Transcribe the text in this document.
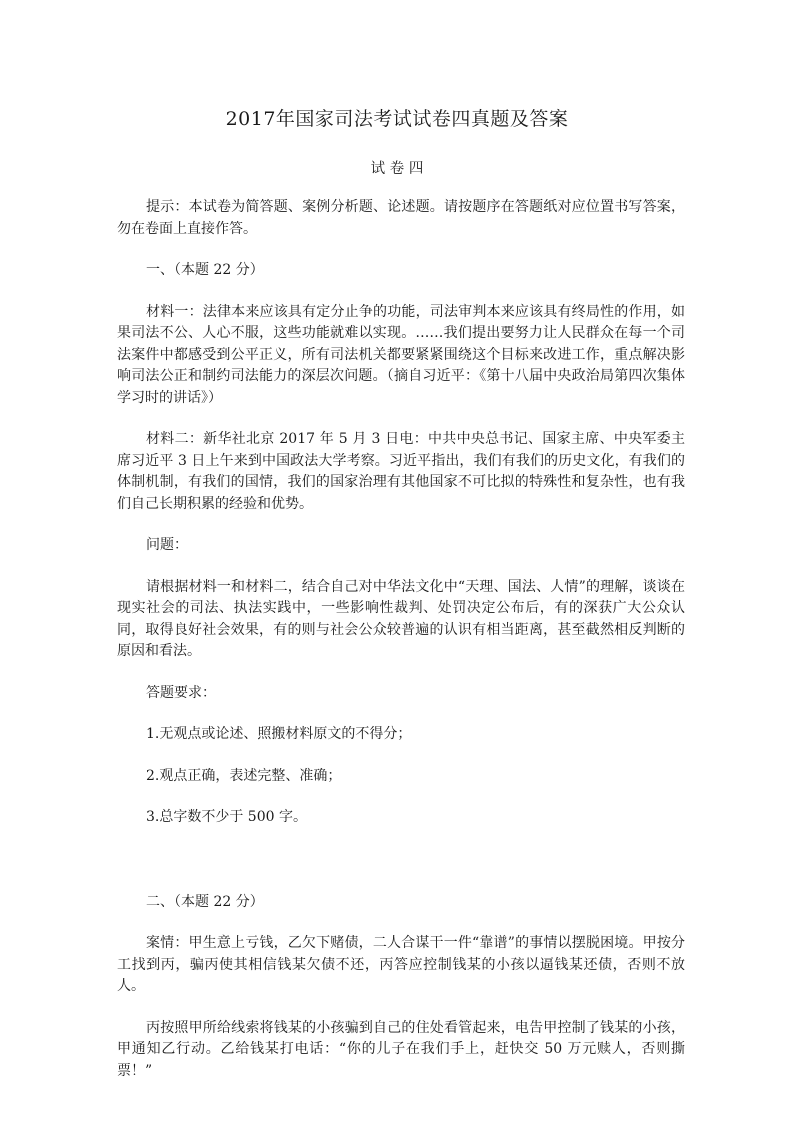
2017年国家司法考试试卷四真题及答案
试 卷 四

提示：本试卷为简答题、案例分析题、论述题。请按题序在答题纸对应位置书写答案，勿在卷面上直接作答。

一、（本题 22 分）

材料一：法律本来应该具有定分止争的功能，司法审判本来应该具有终局性的作用，如果司法不公、人心不服，这些功能就难以实现。……我们提出要努力让人民群众在每一个司法案件中都感受到公平正义，所有司法机关都要紧紧围绕这个目标来改进工作，重点解决影响司法公正和制约司法能力的深层次问题。（摘自习近平：《第十八届中央政治局第四次集体学习时的讲话》）

材料二：新华社北京 2017 年 5 月 3 日电：中共中央总书记、国家主席、中央军委主席习近平 3 日上午来到中国政法大学考察。习近平指出，我们有我们的历史文化，有我们的体制机制，有我们的国情，我们的国家治理有其他国家不可比拟的特殊性和复杂性，也有我们自己长期积累的经验和优势。

问题：

请根据材料一和材料二，结合自己对中华法文化中“天理、国法、人情”的理解，谈谈在现实社会的司法、执法实践中，一些影响性裁判、处罚决定公布后，有的深获广大公众认同，取得良好社会效果，有的则与社会公众较普遍的认识有相当距离，甚至截然相反判断的原因和看法。

答题要求：

1.无观点或论述、照搬材料原文的不得分；

2.观点正确，表述完整、准确；

3.总字数不少于 500 字。

二、（本题 22 分）

案情：甲生意上亏钱，乙欠下赌债，二人合谋干一件“靠谱”的事情以摆脱困境。甲按分工找到丙，骗丙使其相信钱某欠债不还，丙答应控制钱某的小孩以逼钱某还债，否则不放人。

丙按照甲所给线索将钱某的小孩骗到自己的住处看管起来，电告甲控制了钱某的小孩，甲通知乙行动。乙给钱某打电话：“你的儿子在我们手上，赶快交 50 万元赎人，否则撕票！”
